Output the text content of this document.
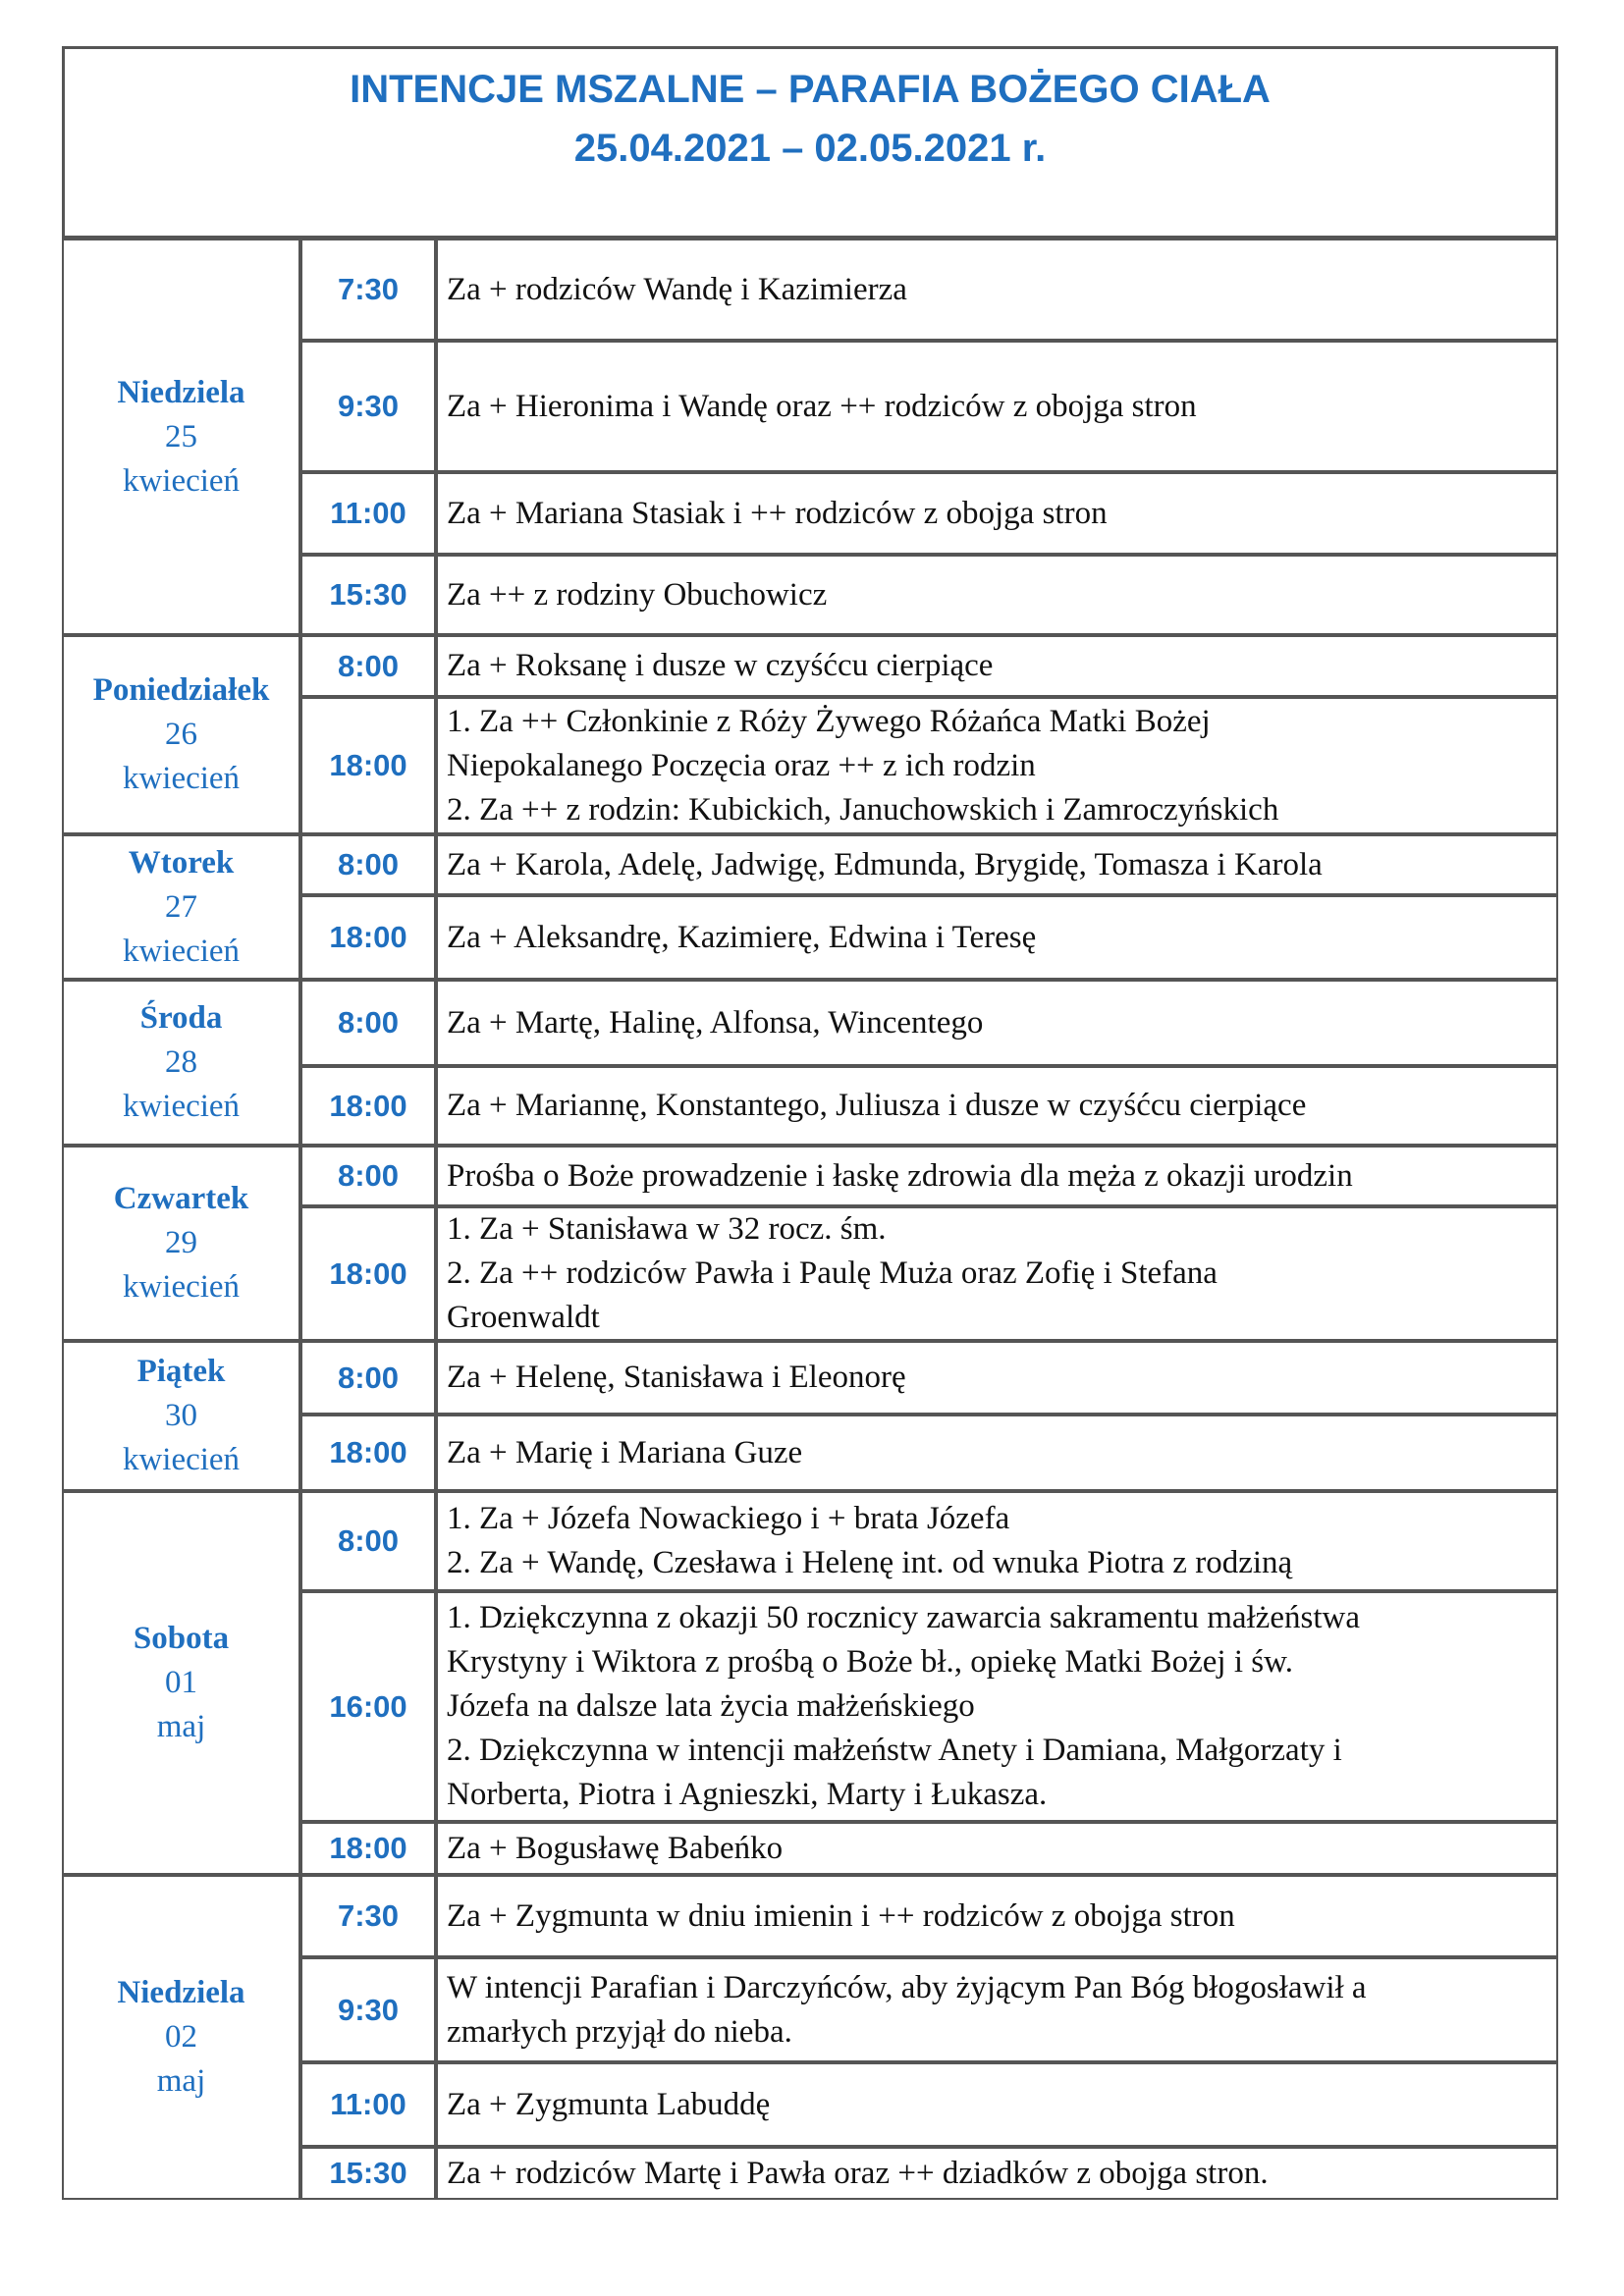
INTENCJE MSZALNE – PARAFIA BOŻEGO CIAŁA
25.04.2021 – 02.05.2021 r.
Niedziela
25
kwiecień
7:30 Za + rodziców Wandę i Kazimierza
9:30 Za + Hieronima i Wandę oraz ++ rodziców z obojga stron
11:00 Za + Mariana Stasiak i ++ rodziców z obojga stron
15:30 Za ++ z rodziny Obuchowicz
Poniedziałek
26
kwiecień
8:00 Za + Roksanę i dusze w czyśćcu cierpiące
18:00
1. Za ++ Członkinie z Róży Żywego Różańca Matki Bożej
Niepokalanego Poczęcia oraz ++ z ich rodzin
2. Za ++ z rodzin: Kubickich, Januchowskich i Zamroczyńskich
Wtorek
27
kwiecień
8:00 Za + Karola, Adelę, Jadwigę, Edmunda, Brygidę, Tomasza i Karola
18:00 Za + Aleksandrę, Kazimierę, Edwina i Teresę
Środa
28
kwiecień
8:00 Za + Martę, Halinę, Alfonsa, Wincentego
18:00 Za + Mariannę, Konstantego, Juliusza i dusze w czyśćcu cierpiące
Czwartek
29
kwiecień
8:00 Prośba o Boże prowadzenie i łaskę zdrowia dla męża z okazji urodzin
18:00
1. Za + Stanisława w 32 rocz. śm.
2. Za ++ rodziców Pawła i Paulę Muża oraz Zofię i Stefana
Groenwaldt
Piątek
30
kwiecień
8:00 Za + Helenę, Stanisława i Eleonorę
18:00 Za + Marię i Mariana Guze
Sobota
01
maj
8:00
1. Za + Józefa Nowackiego i + brata Józefa
2. Za + Wandę, Czesława i Helenę int. od wnuka Piotra z rodziną
16:00
1. Dziękczynna z okazji 50 rocznicy zawarcia sakramentu małżeństwa
Krystyny i Wiktora z prośbą o Boże bł., opiekę Matki Bożej i św.
Józefa na dalsze lata życia małżeńskiego
2. Dziękczynna w intencji małżeństw Anety i Damiana, Małgorzaty i
Norberta, Piotra i Agnieszki, Marty i Łukasza.
18:00 Za + Bogusławę Babeńko
Niedziela
02
maj
7:30 Za + Zygmunta w dniu imienin i ++ rodziców z obojga stron
9:30
W intencji Parafian i Darczyńców, aby żyjącym Pan Bóg błogosławił a
zmarłych przyjął do nieba.
11:00 Za + Zygmunta Labuddę
15:30 Za + rodziców Martę i Pawła oraz ++ dziadków z obojga stron.
